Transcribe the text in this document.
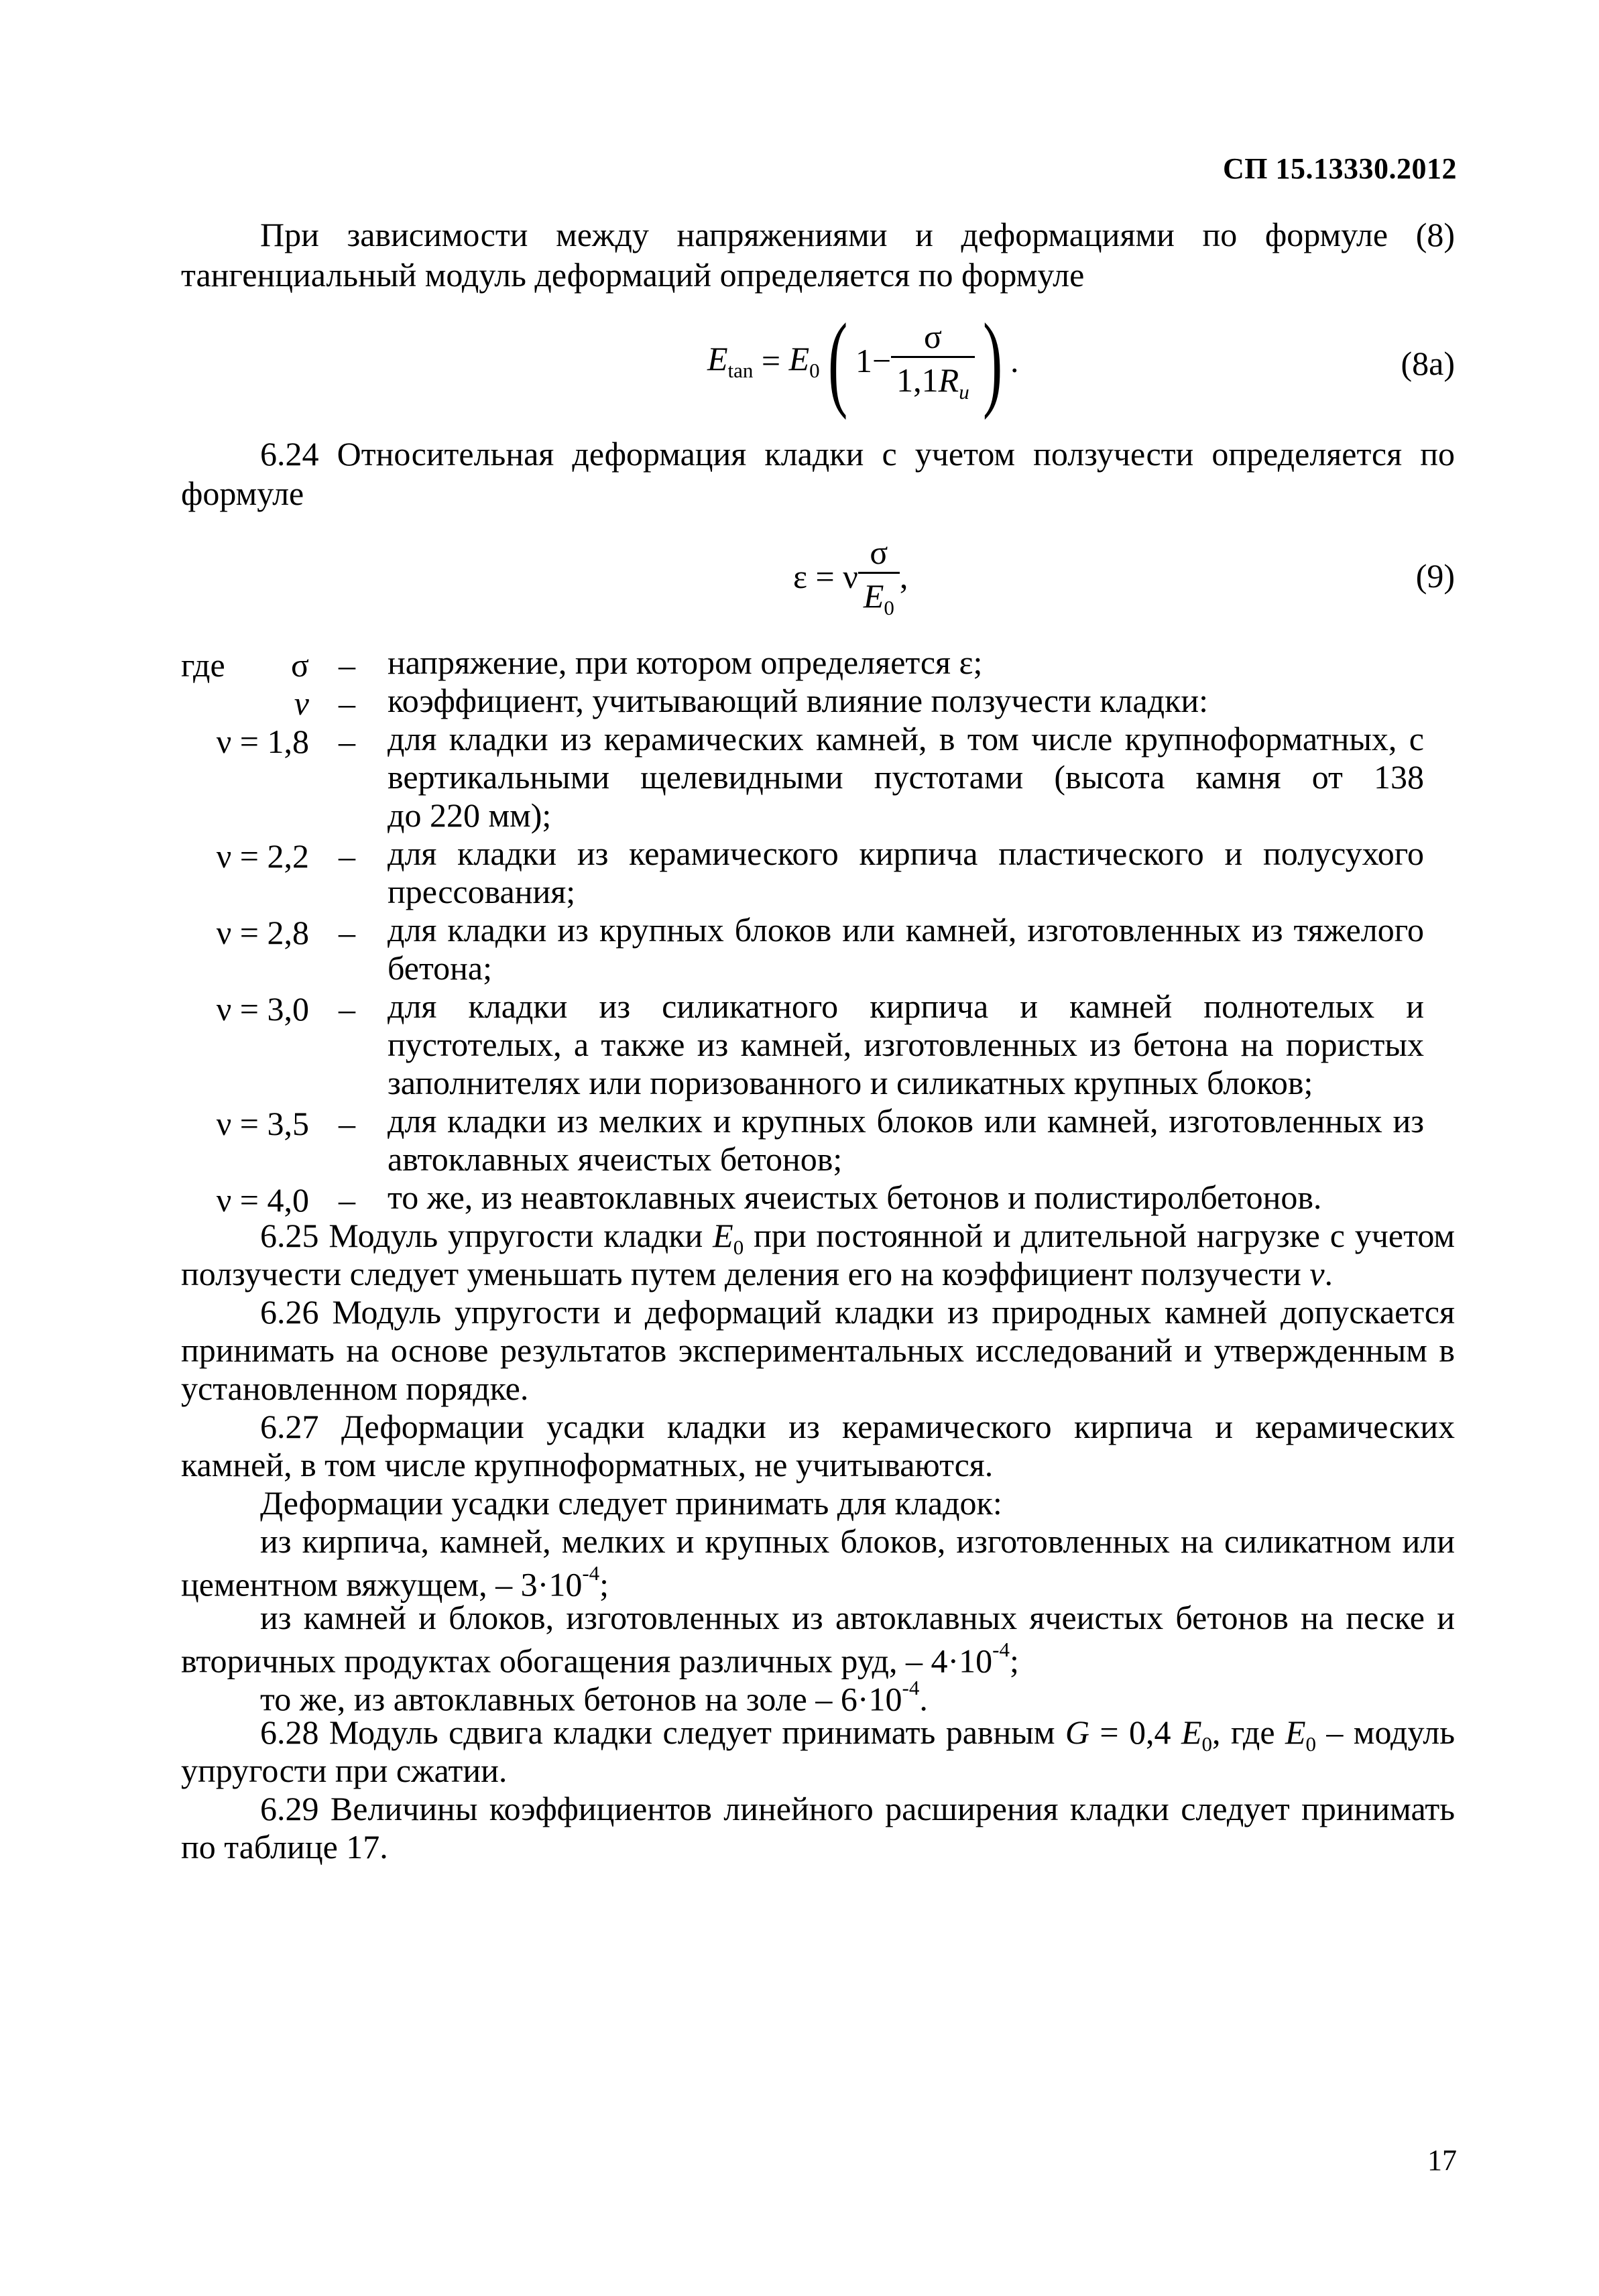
СП 15.13330.2012
При зависимости между напряжениями и деформациями по формуле (8)
тангенциальный модуль деформаций определяется по формуле
$E_{tan} = E_0$ ( $1- \frac{\sigma}{1,1R_u}$ ) .	(8a)
6.24 Относительная деформация кладки с учетом ползучести определяется по
формуле
ε = ν $\frac{\sigma}{E_0}$ ,	(9)
где σ – напряжение, при котором определяется ε;
ν – коэффициент, учитывающий влияние ползучести кладки:
ν = 1,8 – для кладки из керамических камней, в том числе крупноформатных, с
вертикальными щелевидными пустотами (высота камня от 138
до 220 мм);
ν = 2,2 – для кладки из керамического кирпича пластического и полусухого
прессования;
ν = 2,8 – для кладки из крупных блоков или камней, изготовленных из тяжелого
бетона;
ν = 3,0 – для кладки из силикатного кирпича и камней полнотелых и
пустотелых, а также из камней, изготовленных из бетона на пористых
заполнителях или поризованного и силикатных крупных блоков;
ν = 3,5 – для кладки из мелких и крупных блоков или камней, изготовленных из
автоклавных ячеистых бетонов;
ν = 4,0 – то же, из неавтоклавных ячеистых бетонов и полистиролбетонов.
6.25 Модуль упругости кладки $E_0$ при постоянной и длительной нагрузке с учетом
ползучести следует уменьшать путем деления его на коэффициент ползучести ν.
6.26 Модуль упругости и деформаций кладки из природных камней допускается
принимать на основе результатов экспериментальных исследований и утвержденным в
установленном порядке.
6.27 Деформации усадки кладки из керамического кирпича и керамических
камней, в том числе крупноформатных, не учитываются.
Деформации усадки следует принимать для кладок:
из кирпича, камней, мелких и крупных блоков, изготовленных на силикатном или
цементном вяжущем, – $3\cdot 10^{-4}$;
из камней и блоков, изготовленных из автоклавных ячеистых бетонов на песке и
вторичных продуктах обогащения различных руд, – $4\cdot 10^{-4}$;
то же, из автоклавных бетонов на золе – $6\cdot 10^{-4}$.
6.28 Модуль сдвига кладки следует принимать равным G = 0,4 $E_0$, где $E_0$ – модуль
упругости при сжатии.
6.29 Величины коэффициентов линейного расширения кладки следует принимать
по таблице 17.
17
